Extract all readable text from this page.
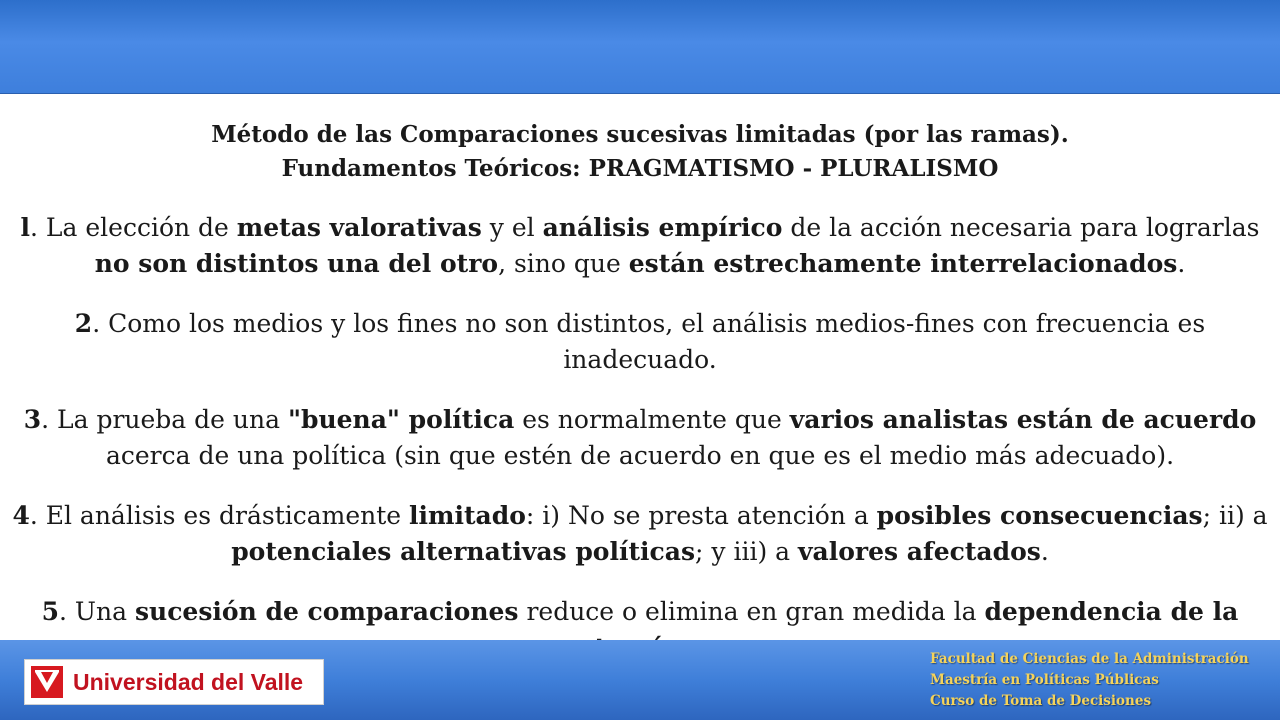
Método de las Comparaciones sucesivas limitadas (por las ramas).
Fundamentos Teóricos: PRAGMATISMO - PLURALISMO
l. La elección de metas valorativas y el análisis empírico de la acción necesaria para lograrlas no son distintos una del otro, sino que están estrechamente interrelacionados.
2. Como los medios y los fines no son distintos, el análisis medios-fines con frecuencia es inadecuado.
3. La prueba de una "buena" política es normalmente que varios analistas están de acuerdo acerca de una política (sin que estén de acuerdo en que es el medio más adecuado).
4. El análisis es drásticamente limitado: i) No se presta atención a posibles consecuencias; ii) a potenciales alternativas políticas; y iii) a valores afectados.
5. Una sucesión de comparaciones reduce o elimina en gran medida la dependencia de la
Universidad del Valle
Facultad de Ciencias de la Administración
Maestría en Políticas Públicas
Curso de Toma de Decisiones
